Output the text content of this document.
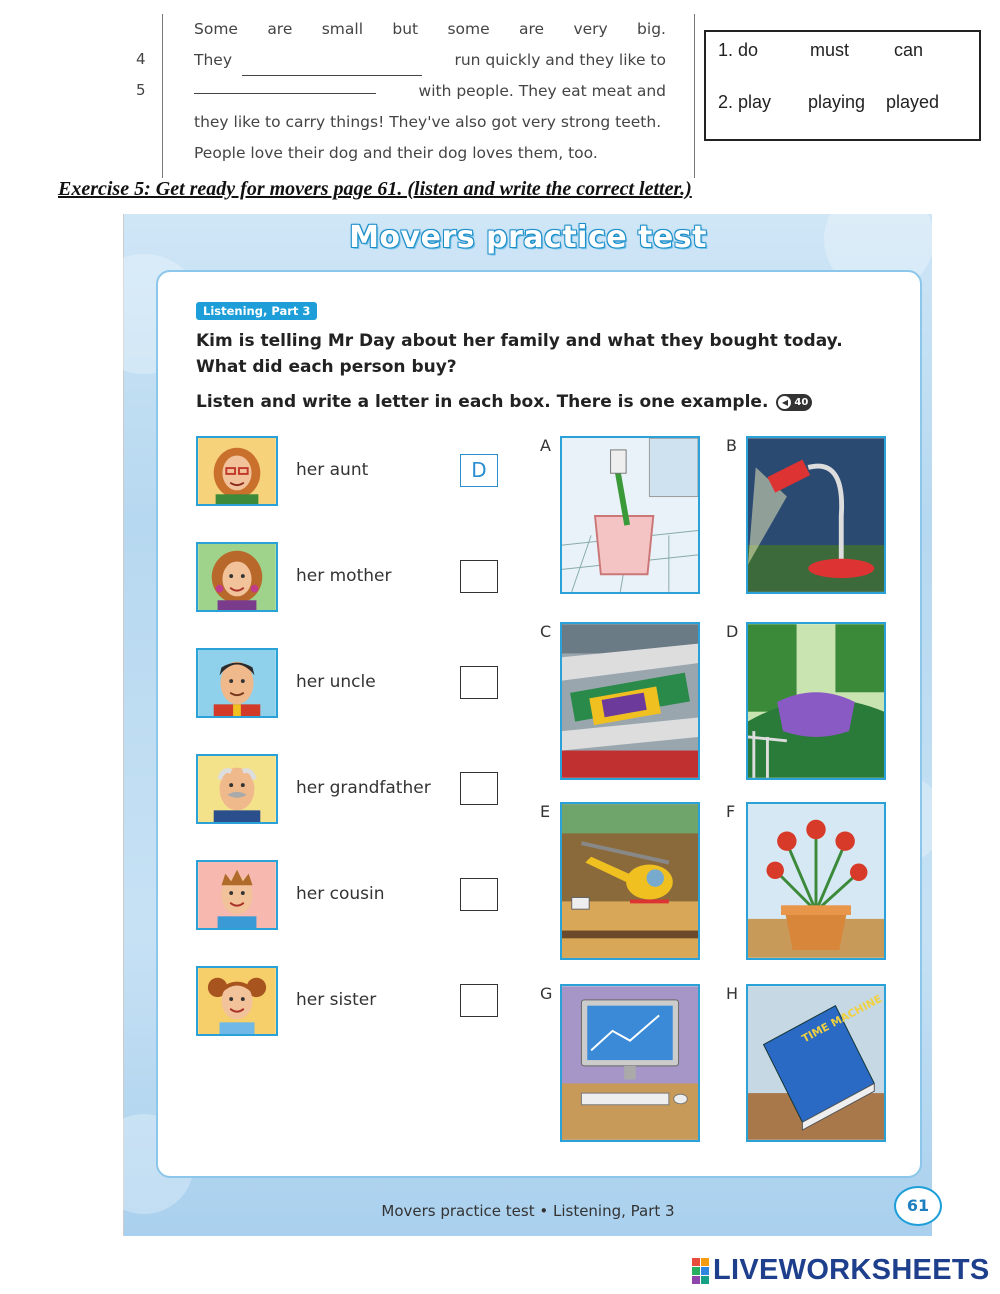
4
5
Some are small but some are very big.
They	run quickly and they like to
with people. They eat meat and
they like to carry things! They've also got very strong teeth.
People love their dog and their dog loves them, too.
1. do	must	can
2. play	playing	played
Exercise 5: Get ready for movers page 61. (listen and write the correct letter.)
Movers practice test
Listening, Part 3
Kim is telling Mr Day about her family and what they bought today.
What did each person buy?
Listen and write a letter in each box. There is one example.	◀ 40
her aunt	D
her mother
her uncle
her grandfather
her cousin
her sister
A	B
C	D
E	F
G	H	TIME MACHINE
Movers practice test • Listening, Part 3	61
LIVEWORKSHEETS
